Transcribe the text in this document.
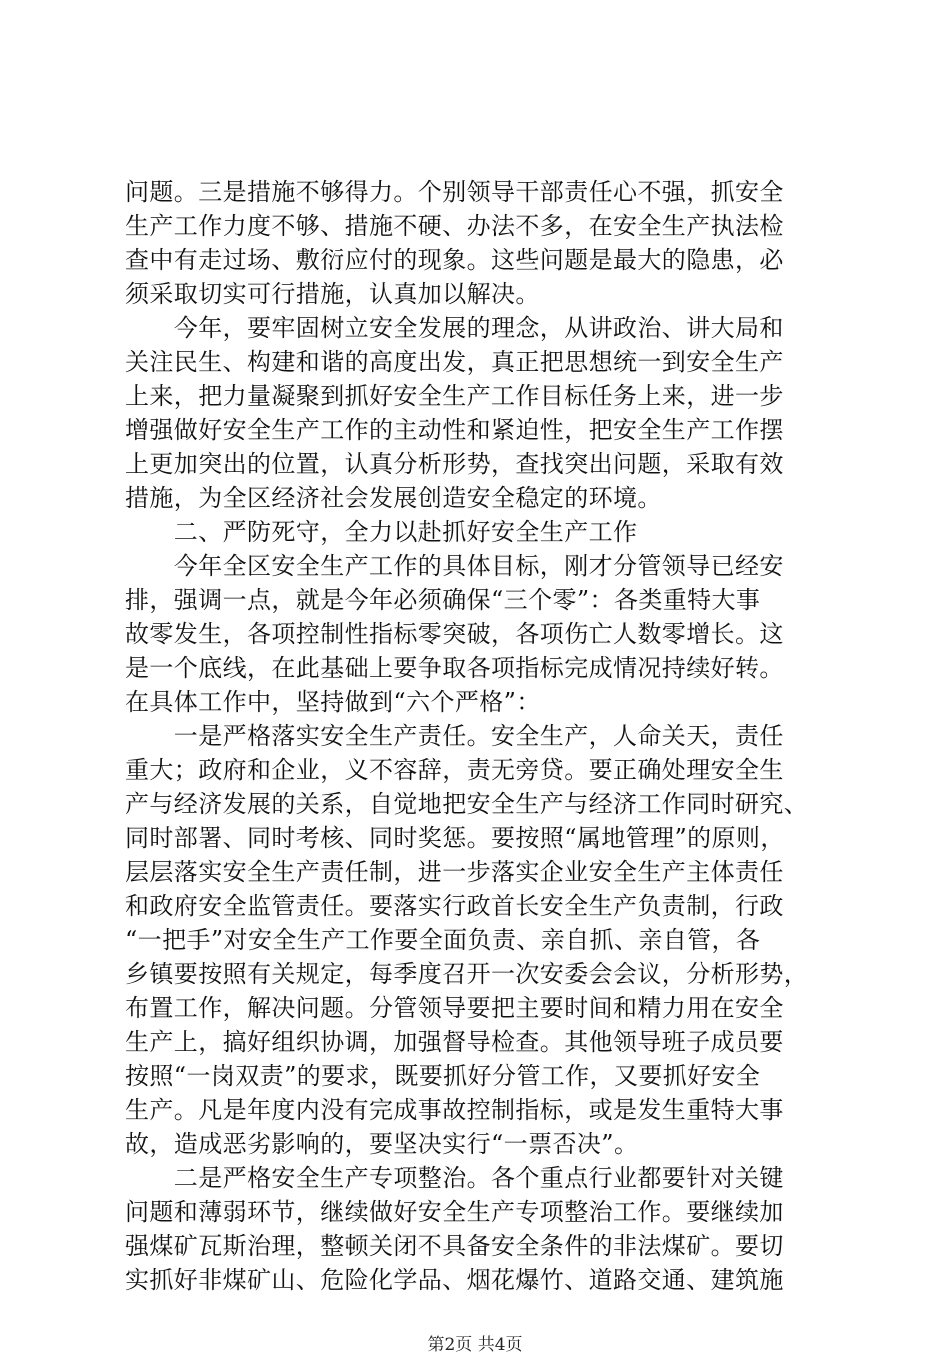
问题。三是措施不够得力。个别领导干部责任心不强，抓安全
生产工作力度不够、措施不硬、办法不多，在安全生产执法检
查中有走过场、敷衍应付的现象。这些问题是最大的隐患，必
须采取切实可行措施，认真加以解决。
　　今年，要牢固树立安全发展的理念，从讲政治、讲大局和
关注民生、构建和谐的高度出发，真正把思想统一到安全生产
上来，把力量凝聚到抓好安全生产工作目标任务上来，进一步
增强做好安全生产工作的主动性和紧迫性，把安全生产工作摆
上更加突出的位置，认真分析形势，查找突出问题，采取有效
措施，为全区经济社会发展创造安全稳定的环境。
　　二、严防死守，全力以赴抓好安全生产工作
　　今年全区安全生产工作的具体目标，刚才分管领导已经安
排，强调一点，就是今年必须确保“三个零”：各类重特大事
故零发生，各项控制性指标零突破，各项伤亡人数零增长。这
是一个底线，在此基础上要争取各项指标完成情况持续好转。
在具体工作中，坚持做到“六个严格”：
　　一是严格落实安全生产责任。安全生产，人命关天，责任
重大；政府和企业，义不容辞，责无旁贷。要正确处理安全生
产与经济发展的关系，自觉地把安全生产与经济工作同时研究、
同时部署、同时考核、同时奖惩。要按照“属地管理”的原则，
层层落实安全生产责任制，进一步落实企业安全生产主体责任
和政府安全监管责任。要落实行政首长安全生产负责制，行政
“一把手”对安全生产工作要全面负责、亲自抓、亲自管，各
乡镇要按照有关规定，每季度召开一次安委会会议，分析形势，
布置工作，解决问题。分管领导要把主要时间和精力用在安全
生产上，搞好组织协调，加强督导检查。其他领导班子成员要
按照“一岗双责”的要求，既要抓好分管工作，又要抓好安全
生产。凡是年度内没有完成事故控制指标，或是发生重特大事
故，造成恶劣影响的，要坚决实行“一票否决”。
　　二是严格安全生产专项整治。各个重点行业都要针对关键
问题和薄弱环节，继续做好安全生产专项整治工作。要继续加
强煤矿瓦斯治理，整顿关闭不具备安全条件的非法煤矿。要切
实抓好非煤矿山、危险化学品、烟花爆竹、道路交通、建筑施
第2页 共4页
